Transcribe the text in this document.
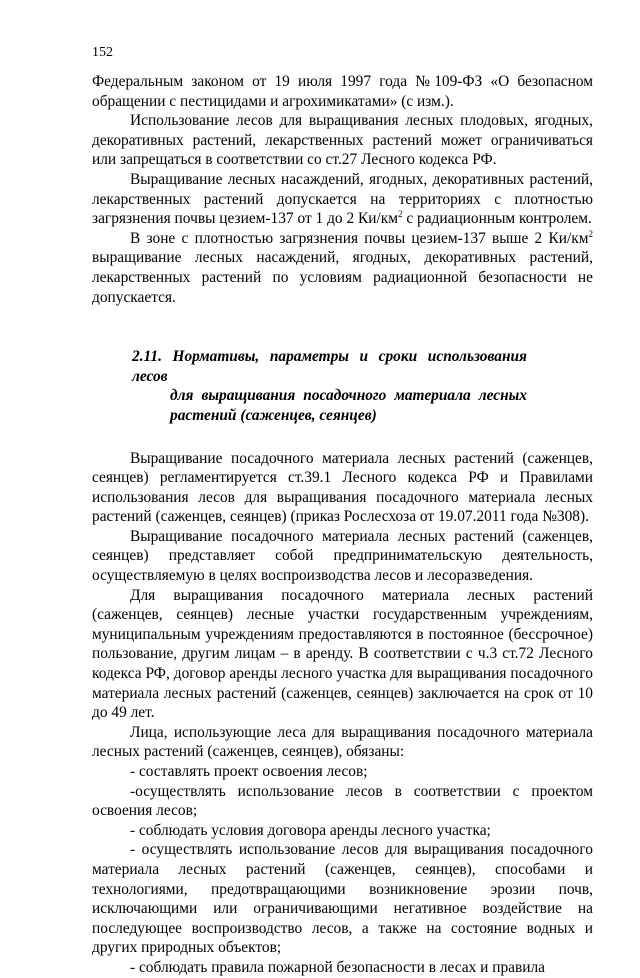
152

Федеральным законом от 19 июля 1997 года №109-ФЗ «О безопасном обращении с пестицидами и агрохимикатами» (с изм.).

Использование лесов для выращивания лесных плодовых, ягодных, декоративных растений, лекарственных растений может ограничиваться или запрещаться в соответствии со ст.27 Лесного кодекса РФ.

Выращивание лесных насаждений, ягодных, декоративных растений, лекарственных растений допускается на территориях с плотностью загрязнения почвы цезием-137 от 1 до 2 $Ки/км^2$ с радиационным контролем.

В зоне с плотностью загрязнения почвы цезием-137 выше 2 $Ки/км^2$ выращивание лесных насаждений, ягодных, декоративных растений, лекарственных растений по условиям радиационной безопасности не допускается.

2.11. Нормативы, параметры и сроки использования лесов
для выращивания посадочного материала лесных растений (саженцев, сеянцев)

Выращивание посадочного материала лесных растений (саженцев, сеянцев) регламентируется ст.39.1 Лесного кодекса РФ и Правилами использования лесов для выращивания посадочного материала лесных растений (саженцев, сеянцев) (приказ Рослесхоза от 19.07.2011 года №308).

Выращивание посадочного материала лесных растений (саженцев, сеянцев) представляет собой предпринимательскую деятельность, осуществляемую в целях воспроизводства лесов и лесоразведения.

Для выращивания посадочного материала лесных растений (саженцев, сеянцев) лесные участки государственным учреждениям, муниципальным учреждениям предоставляются в постоянное (бессрочное) пользование, другим лицам – в аренду. В соответствии с ч.3 ст.72 Лесного кодекса РФ, договор аренды лесного участка для выращивания посадочного материала лесных растений (саженцев, сеянцев) заключается на срок от 10 до 49 лет.

Лица, использующие леса для выращивания посадочного материала лесных растений (саженцев, сеянцев), обязаны:

- составлять проект освоения лесов;

-осуществлять использование лесов в соответствии с проектом освоения лесов;

- соблюдать условия договора аренды лесного участка;

- осуществлять использование лесов для выращивания посадочного материала лесных растений (саженцев, сеянцев), способами и технологиями, предотвращающими возникновение эрозии почв, исключающими или ограничивающими негативное воздействие на последующее воспроизводство лесов, а также на состояние водных и других природных объектов;

- соблюдать правила пожарной безопасности в лесах и правила
